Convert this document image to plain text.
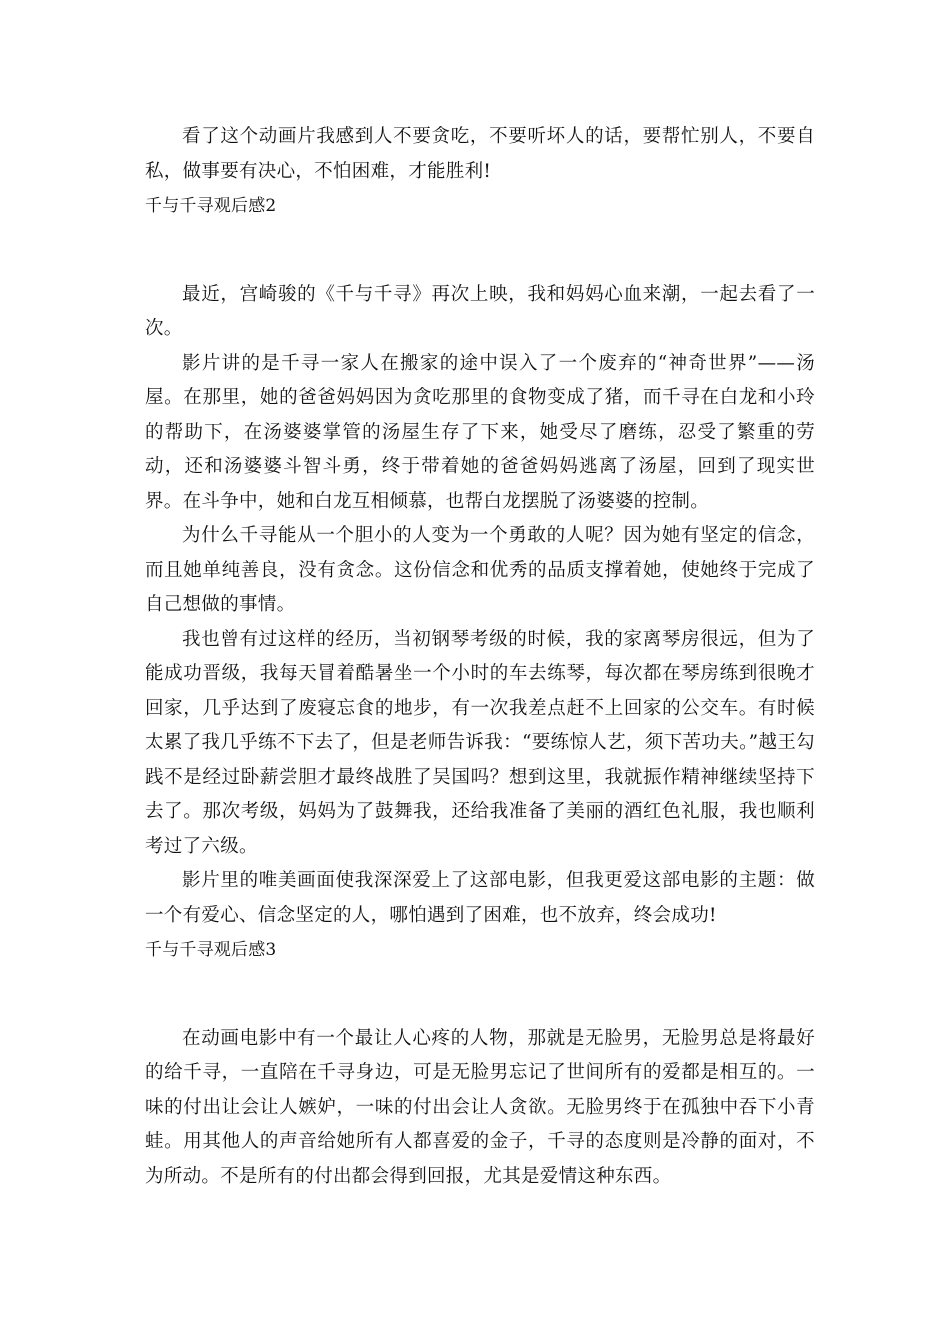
看了这个动画片我感到人不要贪吃，不要听坏人的话，要帮忙别人，不要自私，做事要有决心，不怕困难，才能胜利!

千与千寻观后感2

最近，宫崎骏的《千与千寻》再次上映，我和妈妈心血来潮，一起去看了一次。

影片讲的是千寻一家人在搬家的途中误入了一个废弃的“神奇世界”——汤屋。在那里，她的爸爸妈妈因为贪吃那里的食物变成了猪，而千寻在白龙和小玲的帮助下，在汤婆婆掌管的汤屋生存了下来，她受尽了磨练，忍受了繁重的劳动，还和汤婆婆斗智斗勇，终于带着她的爸爸妈妈逃离了汤屋，回到了现实世界。在斗争中，她和白龙互相倾慕，也帮白龙摆脱了汤婆婆的控制。

为什么千寻能从一个胆小的人变为一个勇敢的人呢？因为她有坚定的信念，而且她单纯善良，没有贪念。这份信念和优秀的品质支撑着她，使她终于完成了自己想做的事情。

我也曾有过这样的经历，当初钢琴考级的时候，我的家离琴房很远，但为了能成功晋级，我每天冒着酷暑坐一个小时的车去练琴，每次都在琴房练到很晚才回家，几乎达到了废寝忘食的地步，有一次我差点赶不上回家的公交车。有时候太累了我几乎练不下去了，但是老师告诉我：“要练惊人艺，须下苦功夫。”越王勾践不是经过卧薪尝胆才最终战胜了吴国吗？想到这里，我就振作精神继续坚持下去了。那次考级，妈妈为了鼓舞我，还给我准备了美丽的酒红色礼服，我也顺利考过了六级。

影片里的唯美画面使我深深爱上了这部电影，但我更爱这部电影的主题：做一个有爱心、信念坚定的人，哪怕遇到了困难，也不放弃，终会成功!

千与千寻观后感3

在动画电影中有一个最让人心疼的人物，那就是无脸男，无脸男总是将最好的给千寻，一直陪在千寻身边，可是无脸男忘记了世间所有的爱都是相互的。一味的付出让会让人嫉妒，一味的付出会让人贪欲。无脸男终于在孤独中吞下小青蛙。用其他人的声音给她所有人都喜爱的金子，千寻的态度则是冷静的面对，不为所动。不是所有的付出都会得到回报，尤其是爱情这种东西。
